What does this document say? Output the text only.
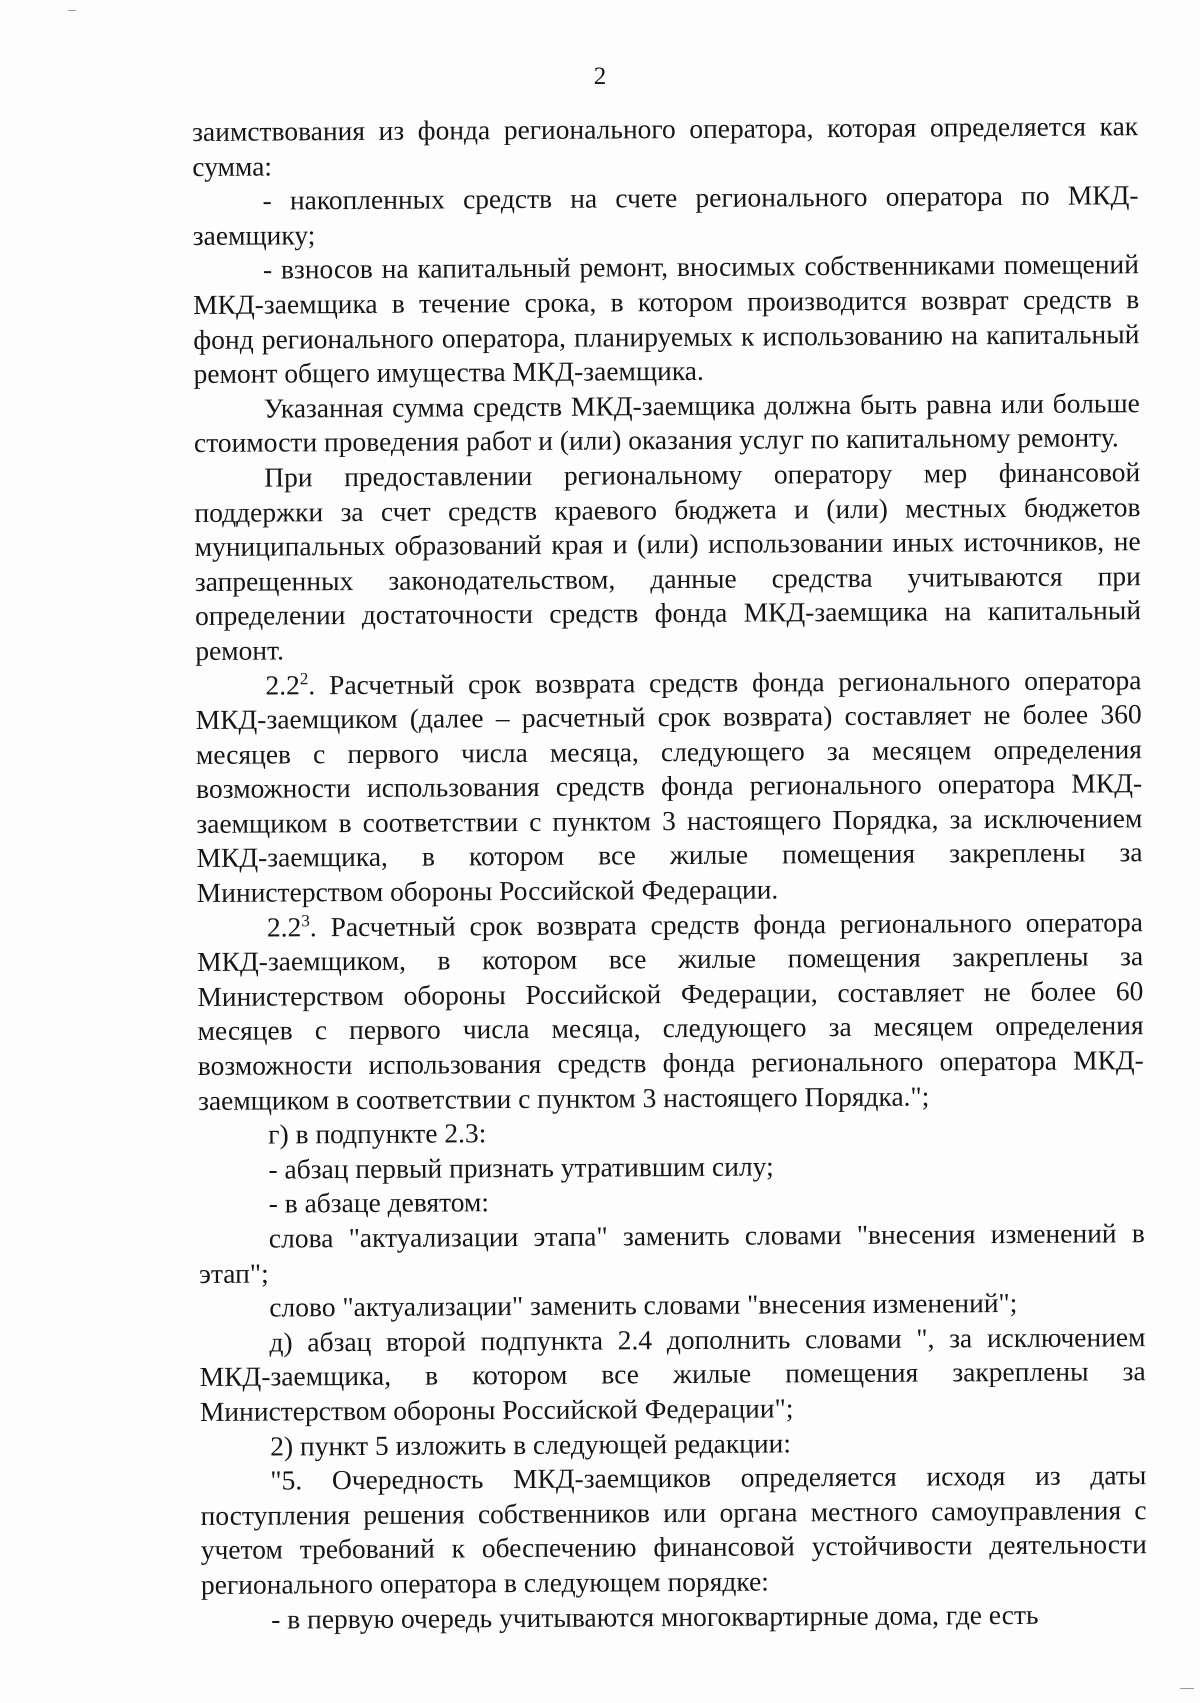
2

заимствования из фонда регионального оператора, которая определяется как сумма:

- накопленных средств на счете регионального оператора по МКД-заемщику;

- взносов на капитальный ремонт, вносимых собственниками помещений МКД-заемщика в течение срока, в котором производится возврат средств в фонд регионального оператора, планируемых к использованию на капитальный ремонт общего имущества МКД-заемщика.

Указанная сумма средств МКД-заемщика должна быть равна или больше стоимости проведения работ и (или) оказания услуг по капитальному ремонту.

При предоставлении региональному оператору мер финансовой поддержки за счет средств краевого бюджета и (или) местных бюджетов муниципальных образований края и (или) использовании иных источников, не запрещенных законодательством, данные средства учитываются при определении достаточности средств фонда МКД-заемщика на капитальный ремонт.

$2.2^2$. Расчетный срок возврата средств фонда регионального оператора МКД-заемщиком (далее – расчетный срок возврата) составляет не более 360 месяцев с первого числа месяца, следующего за месяцем определения возможности использования средств фонда регионального оператора МКД-заемщиком в соответствии с пунктом 3 настоящего Порядка, за исключением МКД-заемщика, в котором все жилые помещения закреплены за Министерством обороны Российской Федерации.

$2.2^3$. Расчетный срок возврата средств фонда регионального оператора МКД-заемщиком, в котором все жилые помещения закреплены за Министерством обороны Российской Федерации, составляет не более 60 месяцев с первого числа месяца, следующего за месяцем определения возможности использования средств фонда регионального оператора МКД-заемщиком в соответствии с пунктом 3 настоящего Порядка.";

г) в подпункте 2.3:

- абзац первый признать утратившим силу;

- в абзаце девятом:

слова "актуализации этапа" заменить словами "внесения изменений в этап";

слово "актуализации" заменить словами "внесения изменений";

д) абзац второй подпункта 2.4 дополнить словами ", за исключением МКД-заемщика, в котором все жилые помещения закреплены за Министерством обороны Российской Федерации";

2) пункт 5 изложить в следующей редакции:

"5. Очередность МКД-заемщиков определяется исходя из даты поступления решения собственников или органа местного самоуправления с учетом требований к обеспечению финансовой устойчивости деятельности регионального оператора в следующем порядке:

- в первую очередь учитываются многоквартирные дома, где есть
